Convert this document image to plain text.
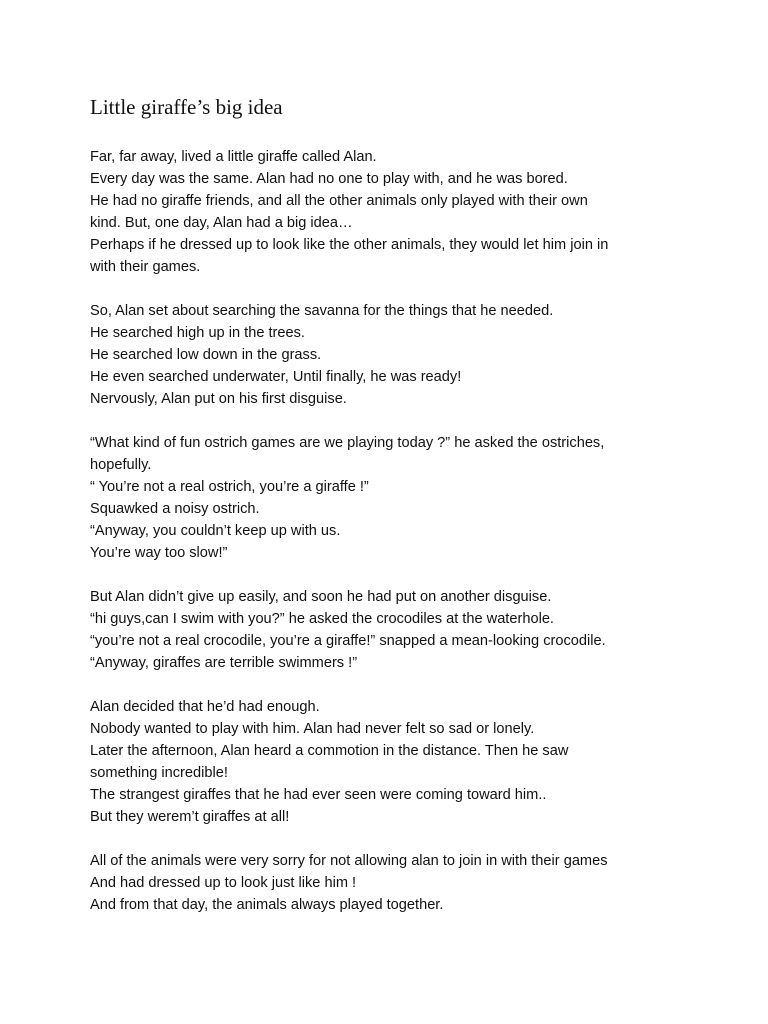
Little giraffe’s big idea
Far, far away, lived a little giraffe called Alan.
Every day was the same. Alan had no one to play with, and he was bored.
He had no giraffe friends, and all the other animals only played with their own
kind. But, one day, Alan had a big idea…
Perhaps if he dressed up to look like the other animals, they would let him join in
with their games.
So, Alan set about searching the savanna for the things that he needed.
He searched high up in the trees.
He searched low down in the grass.
He even searched underwater, Until finally, he was ready!
Nervously, Alan put on his first disguise.
“What kind of fun ostrich games are we playing today ?” he asked the ostriches,
hopefully.
“ You’re not a real ostrich, you’re a giraffe !”
Squawked a noisy ostrich.
“Anyway, you couldn’t keep up with us.
You’re way too slow!”
But Alan didn’t give up easily, and soon he had put on another disguise.
“hi guys,can I swim with you?” he asked the crocodiles at the waterhole.
“you’re not a real crocodile, you’re a giraffe!” snapped a mean-looking crocodile.
“Anyway, giraffes are terrible swimmers !”
Alan decided that he’d had enough.
Nobody wanted to play with him. Alan had never felt so sad or lonely.
Later the afternoon, Alan heard a commotion in the distance. Then he saw
something incredible!
The strangest giraffes that he had ever seen were coming toward him..
But they werem’t giraffes at all!
All of the animals were very sorry for not allowing alan to join in with their games
And had dressed up to look just like him !
And from that day, the animals always played together.
